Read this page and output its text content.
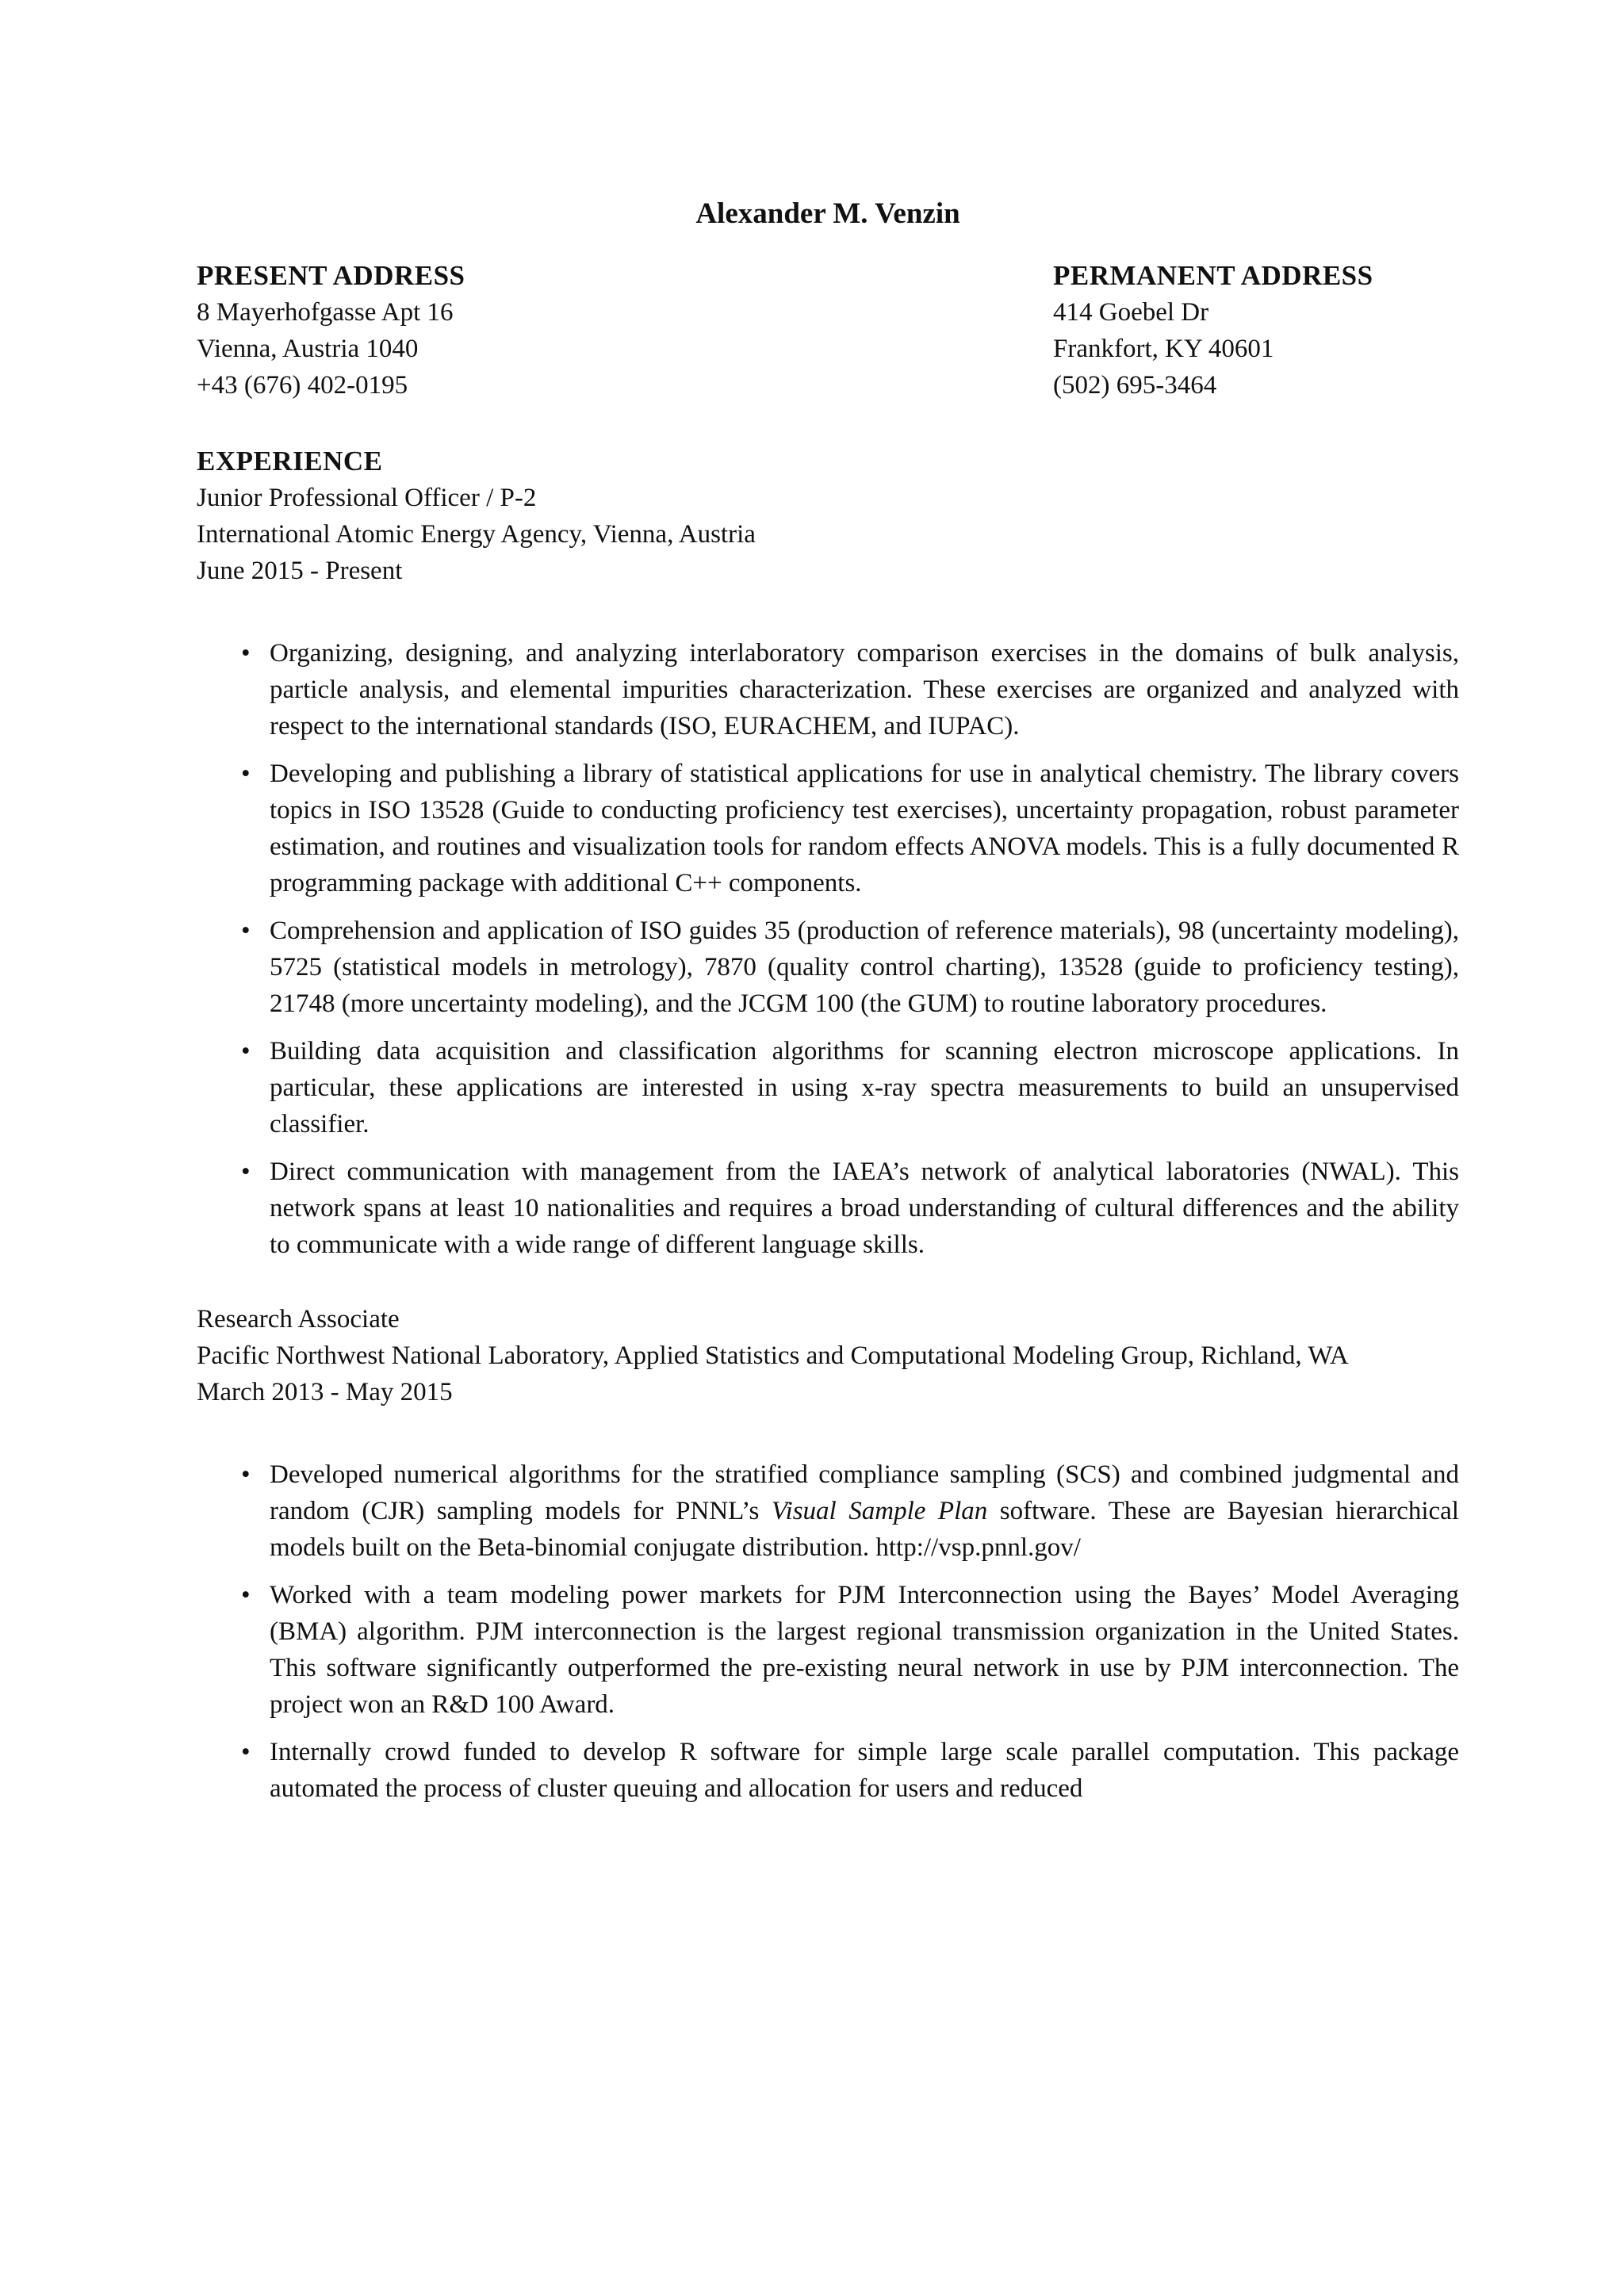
Alexander M. Venzin
PRESENT ADDRESS
8 Mayerhofgasse Apt 16
Vienna, Austria 1040
+43 (676) 402-0195
PERMANENT ADDRESS
414 Goebel Dr
Frankfort, KY 40601
(502) 695-3464
EXPERIENCE
Junior Professional Officer / P-2
International Atomic Energy Agency, Vienna, Austria
June 2015 - Present
• Organizing, designing, and analyzing interlaboratory comparison exercises in the domains of bulk analysis, particle analysis, and elemental impurities characterization. These exercises are organized and analyzed with respect to the international standards (ISO, EURACHEM, and IUPAC).
• Developing and publishing a library of statistical applications for use in analytical chemistry. The library covers topics in ISO 13528 (Guide to conducting proficiency test exercises), uncertainty propagation, robust parameter estimation, and routines and visualization tools for random effects ANOVA models. This is a fully documented R programming package with additional C++ components.
• Comprehension and application of ISO guides 35 (production of reference materials), 98 (uncertainty modeling), 5725 (statistical models in metrology), 7870 (quality control charting), 13528 (guide to proficiency testing), 21748 (more uncertainty modeling), and the JCGM 100 (the GUM) to routine laboratory procedures.
• Building data acquisition and classification algorithms for scanning electron microscope applications. In particular, these applications are interested in using x-ray spectra measurements to build an unsupervised classifier.
• Direct communication with management from the IAEA’s network of analytical laboratories (NWAL). This network spans at least 10 nationalities and requires a broad understanding of cultural differences and the ability to communicate with a wide range of different language skills.
Research Associate
Pacific Northwest National Laboratory, Applied Statistics and Computational Modeling Group, Richland, WA
March 2013 - May 2015
• Developed numerical algorithms for the stratified compliance sampling (SCS) and combined judgmental and random (CJR) sampling models for PNNL’s Visual Sample Plan software. These are Bayesian hierarchical models built on the Beta-binomial conjugate distribution. http://vsp.pnnl.gov/
• Worked with a team modeling power markets for PJM Interconnection using the Bayes’ Model Averaging (BMA) algorithm. PJM interconnection is the largest regional transmission organization in the United States. This software significantly outperformed the pre-existing neural network in use by PJM interconnection. The project won an R&D 100 Award.
• Internally crowd funded to develop R software for simple large scale parallel computation. This package automated the process of cluster queuing and allocation for users and reduced
